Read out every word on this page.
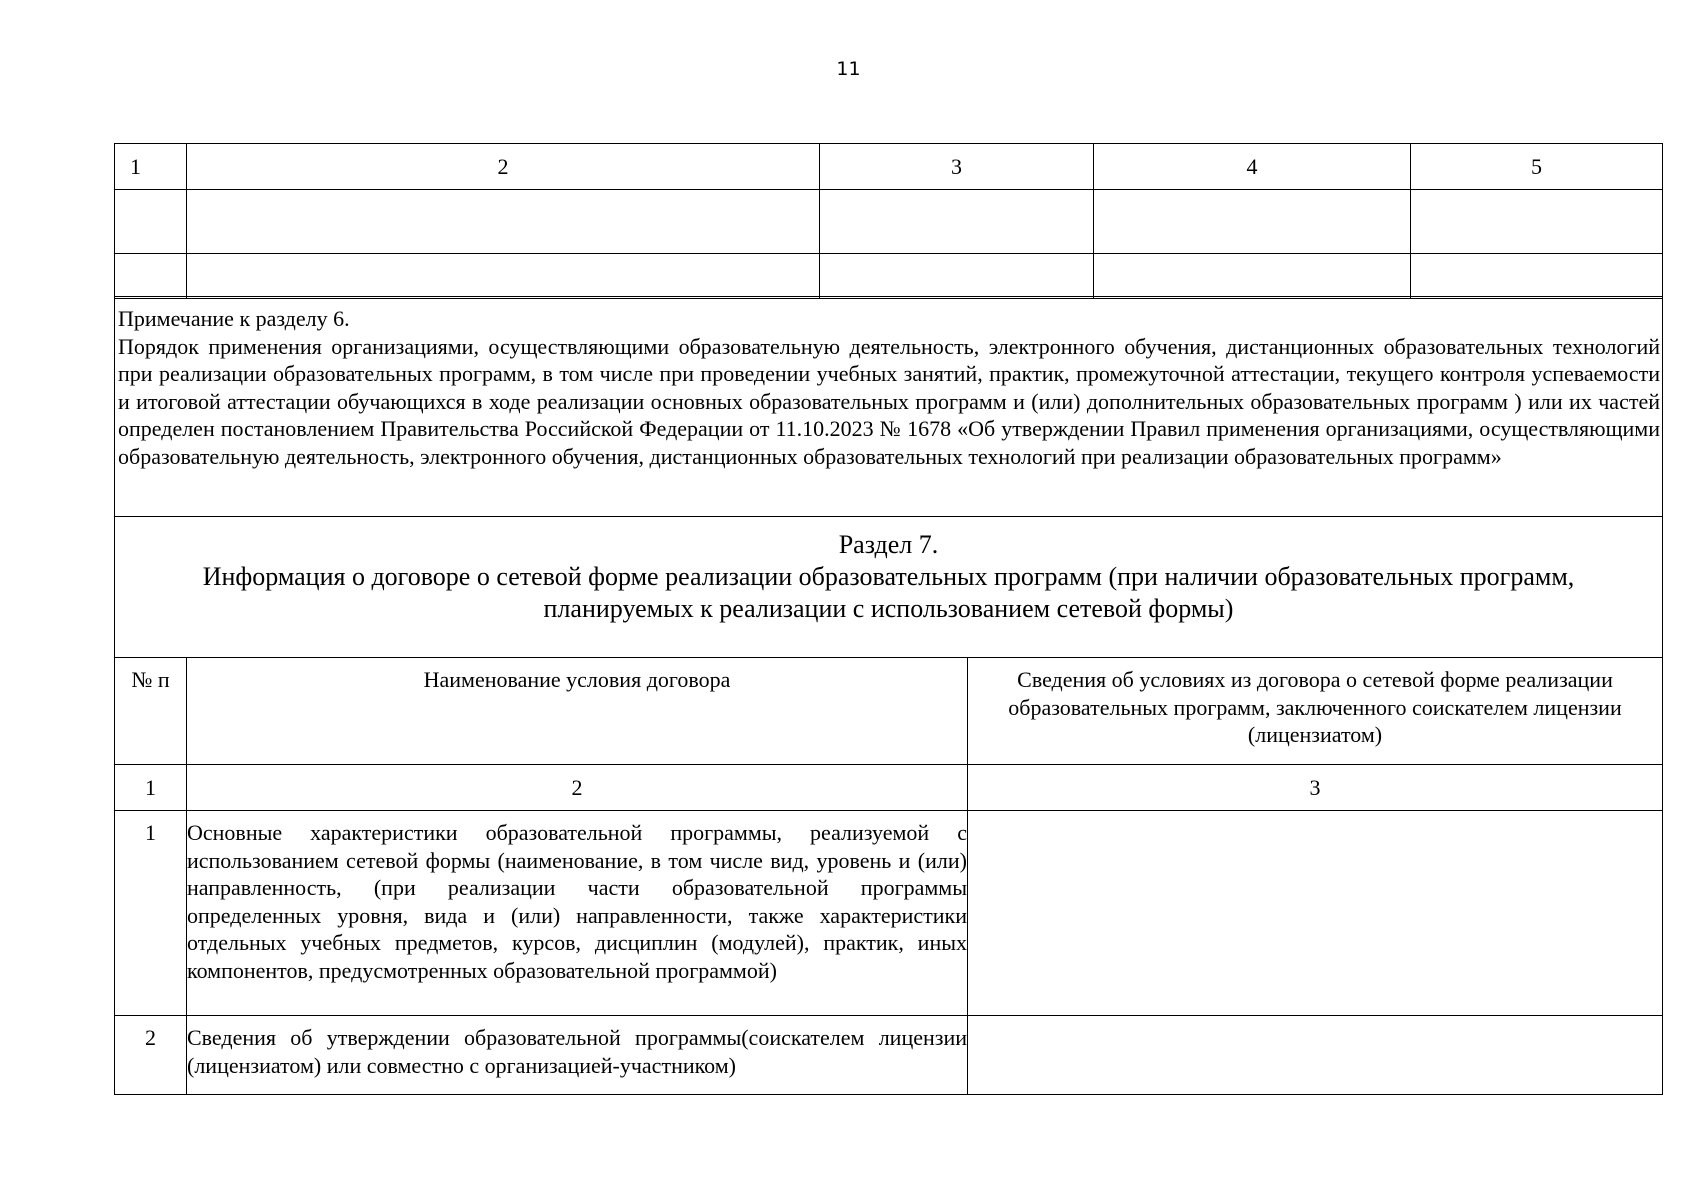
11
1	2	3	4	5

Примечание к разделу 6.
Порядок применения организациями, осуществляющими образовательную деятельность, электронного обучения, дистанционных образовательных технологий при реализации образовательных программ, в том числе при проведении учебных занятий, практик, промежуточной аттестации, текущего контроля успеваемости и итоговой аттестации обучающихся в ходе реализации основных образовательных программ и (или) дополнительных образовательных программ ) или их частей определен постановлением Правительства Российской Федерации от 11.10.2023 № 1678 «Об утверждении Правил применения организациями, осуществляющими образовательную деятельность, электронного обучения, дистанционных образовательных технологий при реализации образовательных программ»		

Раздел 7.
Информация о договоре о сетевой форме реализации образовательных программ (при наличии образовательных программ, планируемых к реализации с использованием сетевой формы)		

№ п	Наименование условия договора	Сведения об условиях из договора о сетевой форме реализации образовательных программ, заключенного соискателем лицензии (лицензиатом)
1	2	3
1	Основные характеристики образовательной программы, реализуемой с использованием сетевой формы (наименование, в том числе вид, уровень и (или) направленность, (при реализации части образовательной программы определенных уровня, вида и (или) направленности, также характеристики отдельных учебных предметов, курсов, дисциплин (модулей), практик, иных компонентов, предусмотренных образовательной программой)	
2	Сведения об утверждении образовательной программы(соискателем лицензии (лицензиатом) или совместно с организацией-участником)	
